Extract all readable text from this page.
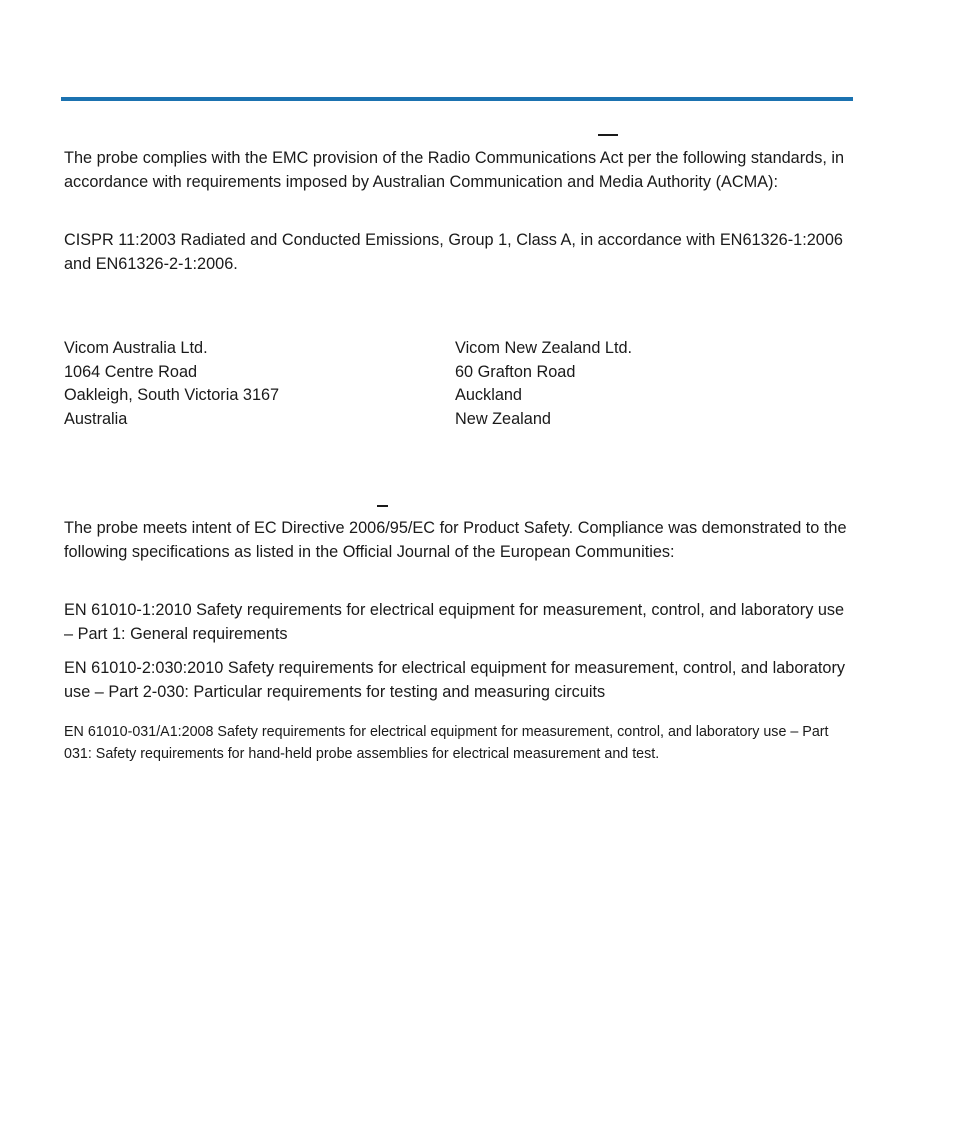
The probe complies with the EMC provision of the Radio Communications Act per the following standards, in accordance with requirements imposed by Australian Communication and Media Authority (ACMA):

CISPR 11:2003 Radiated and Conducted Emissions, Group 1, Class A, in accordance with EN61326-1:2006 and EN61326-2-1:2006.

Vicom Australia Ltd.
1064 Centre Road
Oakleigh, South Victoria 3167
Australia
Vicom New Zealand Ltd.
60 Grafton Road
Auckland
New Zealand

The probe meets intent of EC Directive 2006/95/EC for Product Safety. Compliance was demonstrated to the following specifications as listed in the Official Journal of the European Communities:

EN 61010-1:2010 Safety requirements for electrical equipment for measurement, control, and laboratory use – Part 1: General requirements

EN 61010-2:030:2010 Safety requirements for electrical equipment for measurement, control, and laboratory use – Part 2-030: Particular requirements for testing and measuring circuits

EN 61010-031/A1:2008 Safety requirements for electrical equipment for measurement, control, and laboratory use – Part 031: Safety requirements for hand-held probe assemblies for electrical measurement and test.
